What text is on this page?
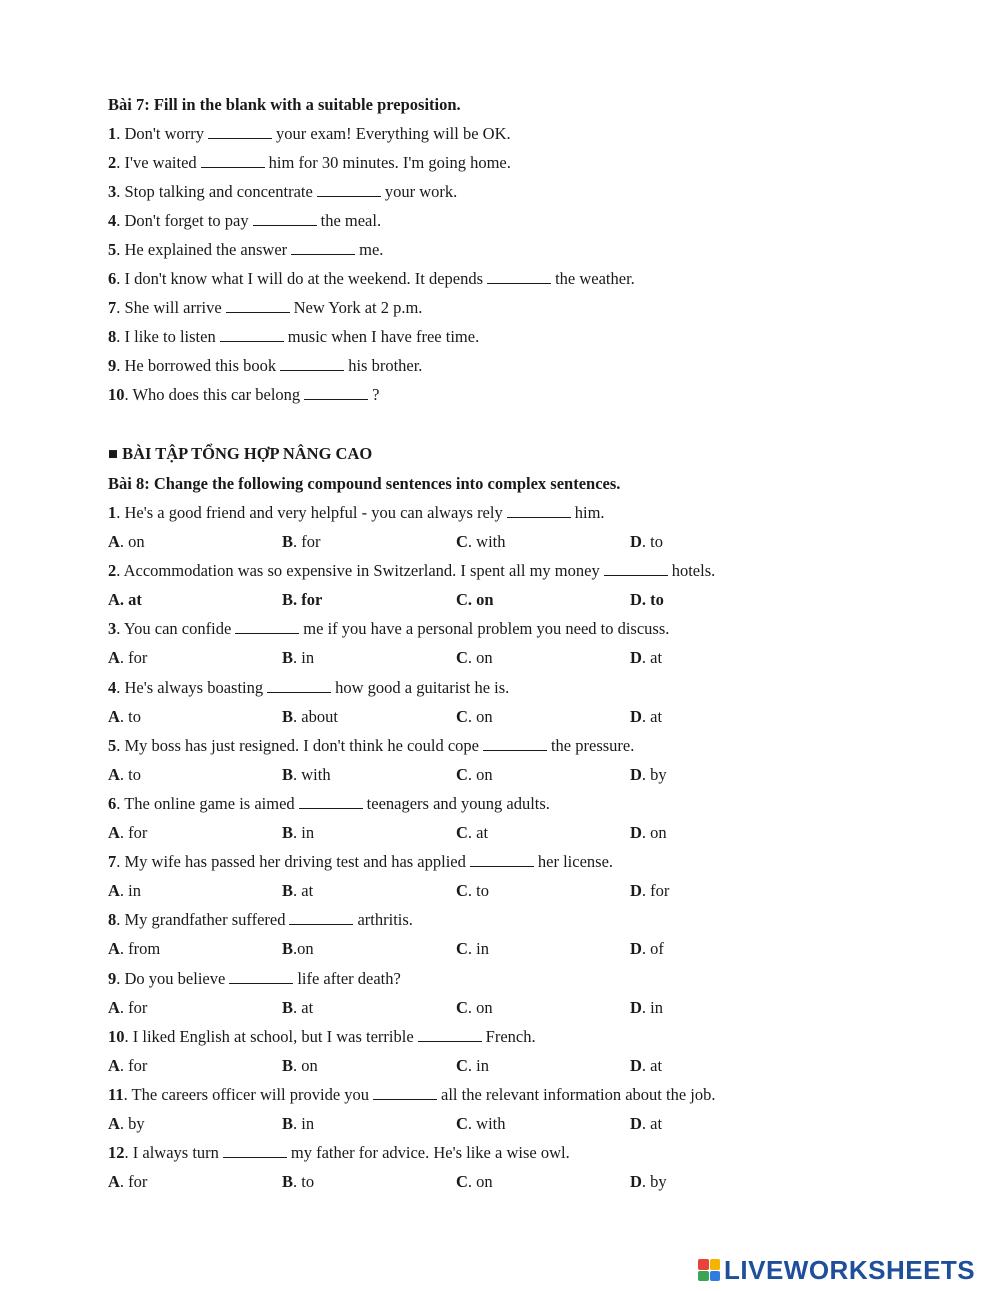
Bài 7: Fill in the blank with a suitable preposition.
1. Don't worry	your exam! Everything will be OK.
2. I've waited	him for 30 minutes. I'm going home.
3. Stop talking and concentrate	your work.
4. Don't forget to pay	the meal.
5. He explained the answer	me.
6. I don't know what I will do at the weekend. It depends	the weather.
7. She will arrive	New York at 2 p.m.
8. I like to listen	music when I have free time.
9. He borrowed this book	his brother.
10. Who does this car belong	?
■ BÀI TẬP TỔNG HỢP NÂNG CAO
Bài 8: Change the following compound sentences into complex sentences.
1. He's a good friend and very helpful - you can always rely	him.
A. on	B. for	C. with	D. to
2. Accommodation was so expensive in Switzerland. I spent all my money	hotels.
A. at	B. for	C. on	D. to
3. You can confide	me if you have a personal problem you need to discuss.
A. for	B. in	C. on	D. at
4. He's always boasting	how good a guitarist he is.
A. to	B. about	C. on	D. at
5. My boss has just resigned. I don't think he could cope	the pressure.
A. to	B. with	C. on	D. by
6. The online game is aimed	teenagers and young adults.
A. for	B. in	C. at	D. on
7. My wife has passed her driving test and has applied	her license.
A. in	B. at	C. to	D. for
8. My grandfather suffered	arthritis.
A. from	B.on	C. in	D. of
9. Do you believe	life after death?
A. for	B. at	C. on	D. in
10. I liked English at school, but I was terrible	French.
A. for	B. on	C. in	D. at
11. The careers officer will provide you	all the relevant information about the job.
A. by	B. in	C. with	D. at
12. I always turn	my father for advice. He's like a wise owl.
A. for	B. to	C. on	D. by
LIVEWORKSHEETS
